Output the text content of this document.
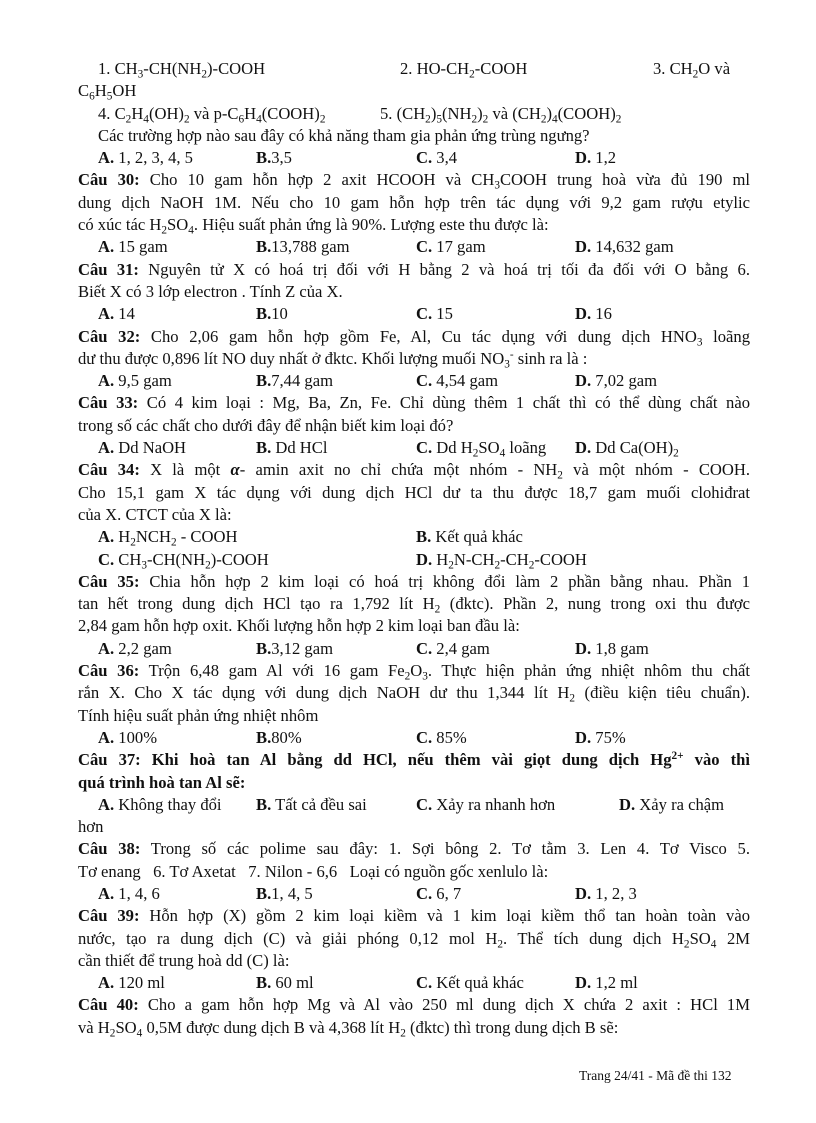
1. $CH_3-CH(NH_2)$-COOH	2. $HO-CH_2$-COOH	3. $CH_2O$ và
$C_6H_5OH$
4. $C_2H_4(OH)_2$ và $p-C_6H_4(COOH)_2$	5. $(CH_2)_5(NH_2)_2$ và $(CH_2)_4(COOH)_2$
Các trường hợp nào sau đây có khả năng tham gia phản ứng trùng ngưng?
A. 1, 2, 3, 4, 5	B.3,5	C. 3,4	D. 1,2
Câu 30: Cho 10 gam hỗn hợp 2 axit HCOOH và $CH_3COOH$ trung hoà vừa đủ 190 ml
dung dịch NaOH 1M. Nếu cho 10 gam hỗn hợp trên tác dụng với 9,2 gam rượu etylic
có xúc tác $H_2SO_4$. Hiệu suất phản ứng là 90%. Lượng este thu được là:
A. 15 gam	B.13,788 gam	C. 17 gam	D. 14,632 gam
Câu 31: Nguyên tử X có hoá trị đối với H bằng 2 và hoá trị tối đa đối với O bằng 6.
Biết X có 3 lớp electron . Tính Z của X.
A. 14	B.10	C. 15	D. 16
Câu 32: Cho 2,06 gam hỗn hợp gồm Fe, Al, Cu tác dụng với dung dịch $HNO_3$ loãng
dư thu được 0,896 lít NO duy nhất ở đktc. Khối lượng muối $NO_3^-$ sinh ra là :
A. 9,5 gam	B.7,44 gam	C. 4,54 gam	D. 7,02 gam
Câu 33: Có 4 kim loại : Mg, Ba, Zn, Fe. Chỉ dùng thêm 1 chất thì có thể dùng chất nào
trong số các chất cho dưới đây để nhận biết kim loại đó?
A. Dd NaOH	B. Dd HCl	C. Dd $H_2SO_4$ loãng D. Dd $Ca(OH)_2$
Câu 34: X là một α- amin axit no chỉ chứa một nhóm - $NH_2$ và một nhóm - COOH.
Cho 15,1 gam X tác dụng với dung dịch HCl dư ta thu được 18,7 gam muối clohiđrat
của X. CTCT của X là:
A. $H_2NCH_2$ - COOH	B. Kết quả khác
C. $CH_3-CH(NH_2)$-COOH	D. $H_2N-CH_2-CH_2$-COOH
Câu 35: Chia hỗn hợp 2 kim loại có hoá trị không đổi làm 2 phần bằng nhau. Phần 1
tan hết trong dung dịch HCl tạo ra 1,792 lít $H_2$ (đktc). Phần 2, nung trong oxi thu được
2,84 gam hỗn hợp oxit. Khối lượng hỗn hợp 2 kim loại ban đầu là:
A. 2,2 gam	B.3,12 gam	C. 2,4 gam	D. 1,8 gam
Câu 36: Trộn 6,48 gam Al với 16 gam $Fe_2O_3$. Thực hiện phản ứng nhiệt nhôm thu chất
rắn X. Cho X tác dụng với dung dịch NaOH dư thu 1,344 lít $H_2$ (điều kiện tiêu chuẩn).
Tính hiệu suất phản ứng nhiệt nhôm
A. 100%	B.80%	C. 85%	D. 75%
Câu 37: Khi hoà tan Al bằng dd HCl, nếu thêm vài giọt dung dịch $Hg^{2+}$ vào thì
quá trình hoà tan Al sẽ:
A. Không thay đổi B. Tất cả đều sai	C. Xảy ra nhanh hơn	D. Xảy ra chậm
hơn
Câu 38: Trong số các polime sau đây: 1. Sợi bông 2. Tơ tằm 3. Len 4. Tơ Visco 5.
Tơ enang   6. Tơ Axetat   7. Nilon - 6,6   Loại có nguồn gốc xenlulo là:
A. 1, 4, 6	B.1, 4, 5	C. 6, 7	D. 1, 2, 3
Câu 39: Hỗn hợp (X) gồm 2 kim loại kiềm và 1 kim loại kiềm thổ tan hoàn toàn vào
nước, tạo ra dung dịch (C) và giải phóng 0,12 mol $H_2$. Thể tích dung dịch $H_2SO_4$ 2M
cần thiết để trung hoà dd (C) là:
A. 120 ml	B. 60 ml	C. Kết quả khác	D. 1,2 ml
Câu 40: Cho a gam hỗn hợp Mg và Al vào 250 ml dung dịch X chứa 2 axit : HCl 1M
và $H_2SO_4$ 0,5M được dung dịch B và 4,368 lít $H_2$ (đktc) thì trong dung dịch B sẽ:
Trang 24/41 - Mã đề thi 132
